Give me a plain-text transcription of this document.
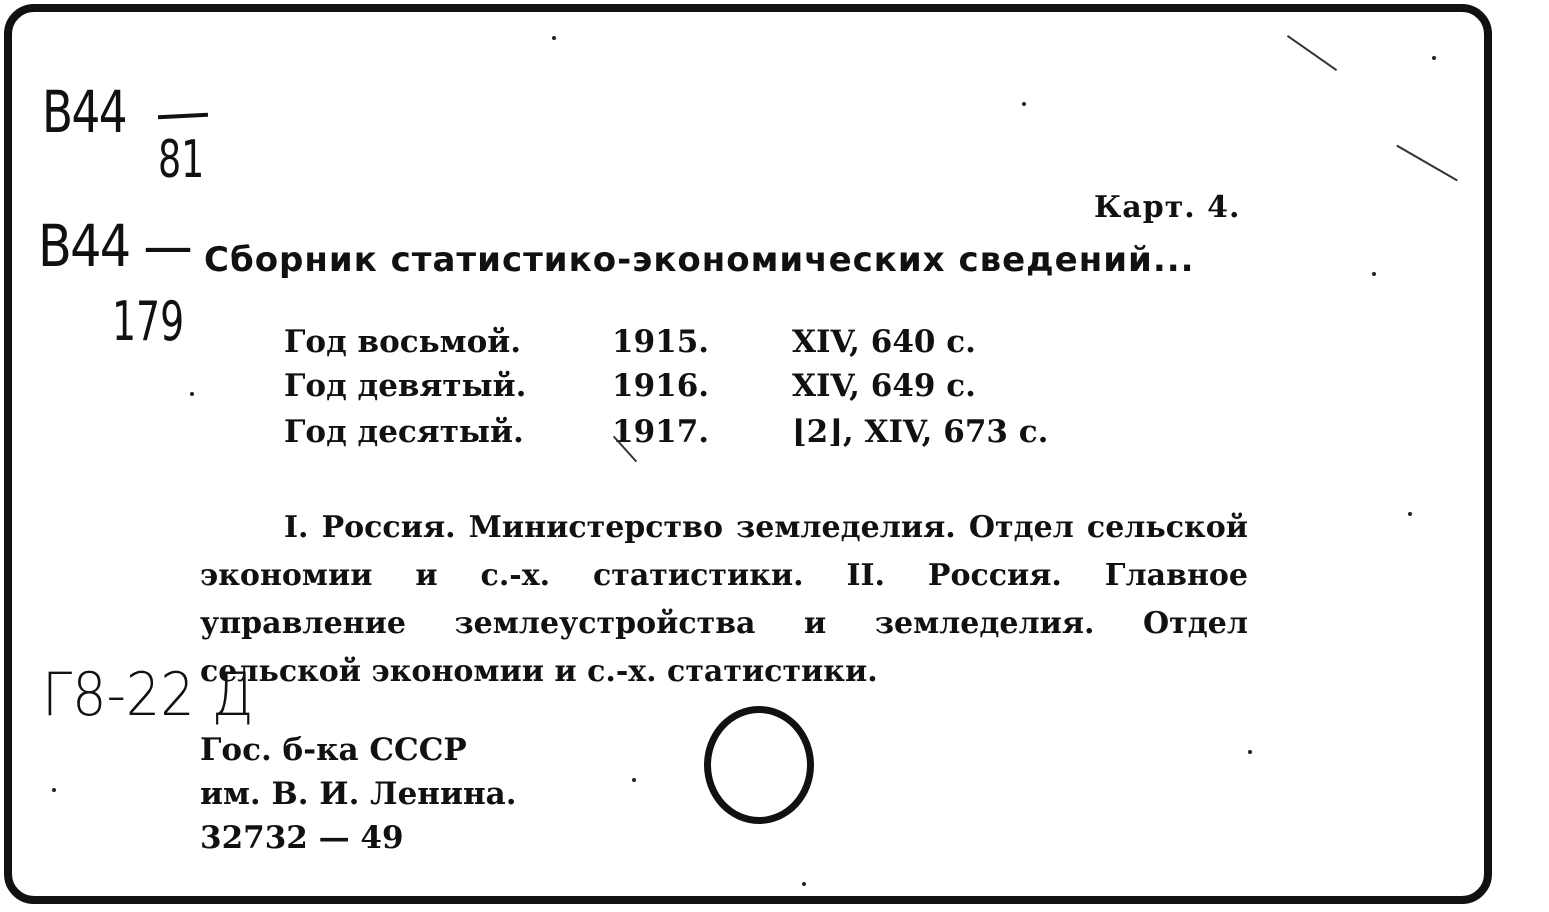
В44
81
В44 —
179
Карт. 4.
Сборник статистико-экономических сведений...
Год восьмой.	1915.	XIV, 640 с.
Год девятый.	1916.	XIV, 649 с.
Год десятый.	1917.	⌊2⌋, XIV, 673 с.
I. Россия. Министерство земледелия. Отдел сельской экономии и с.-х. статистики. II. Россия. Главное управление землеустройства и земледелия. Отдел сельской экономии и с.-х. статистики.
Г8-22 Д
Гос. б-ка СССР
им. В. И. Ленина.
32732 — 49
